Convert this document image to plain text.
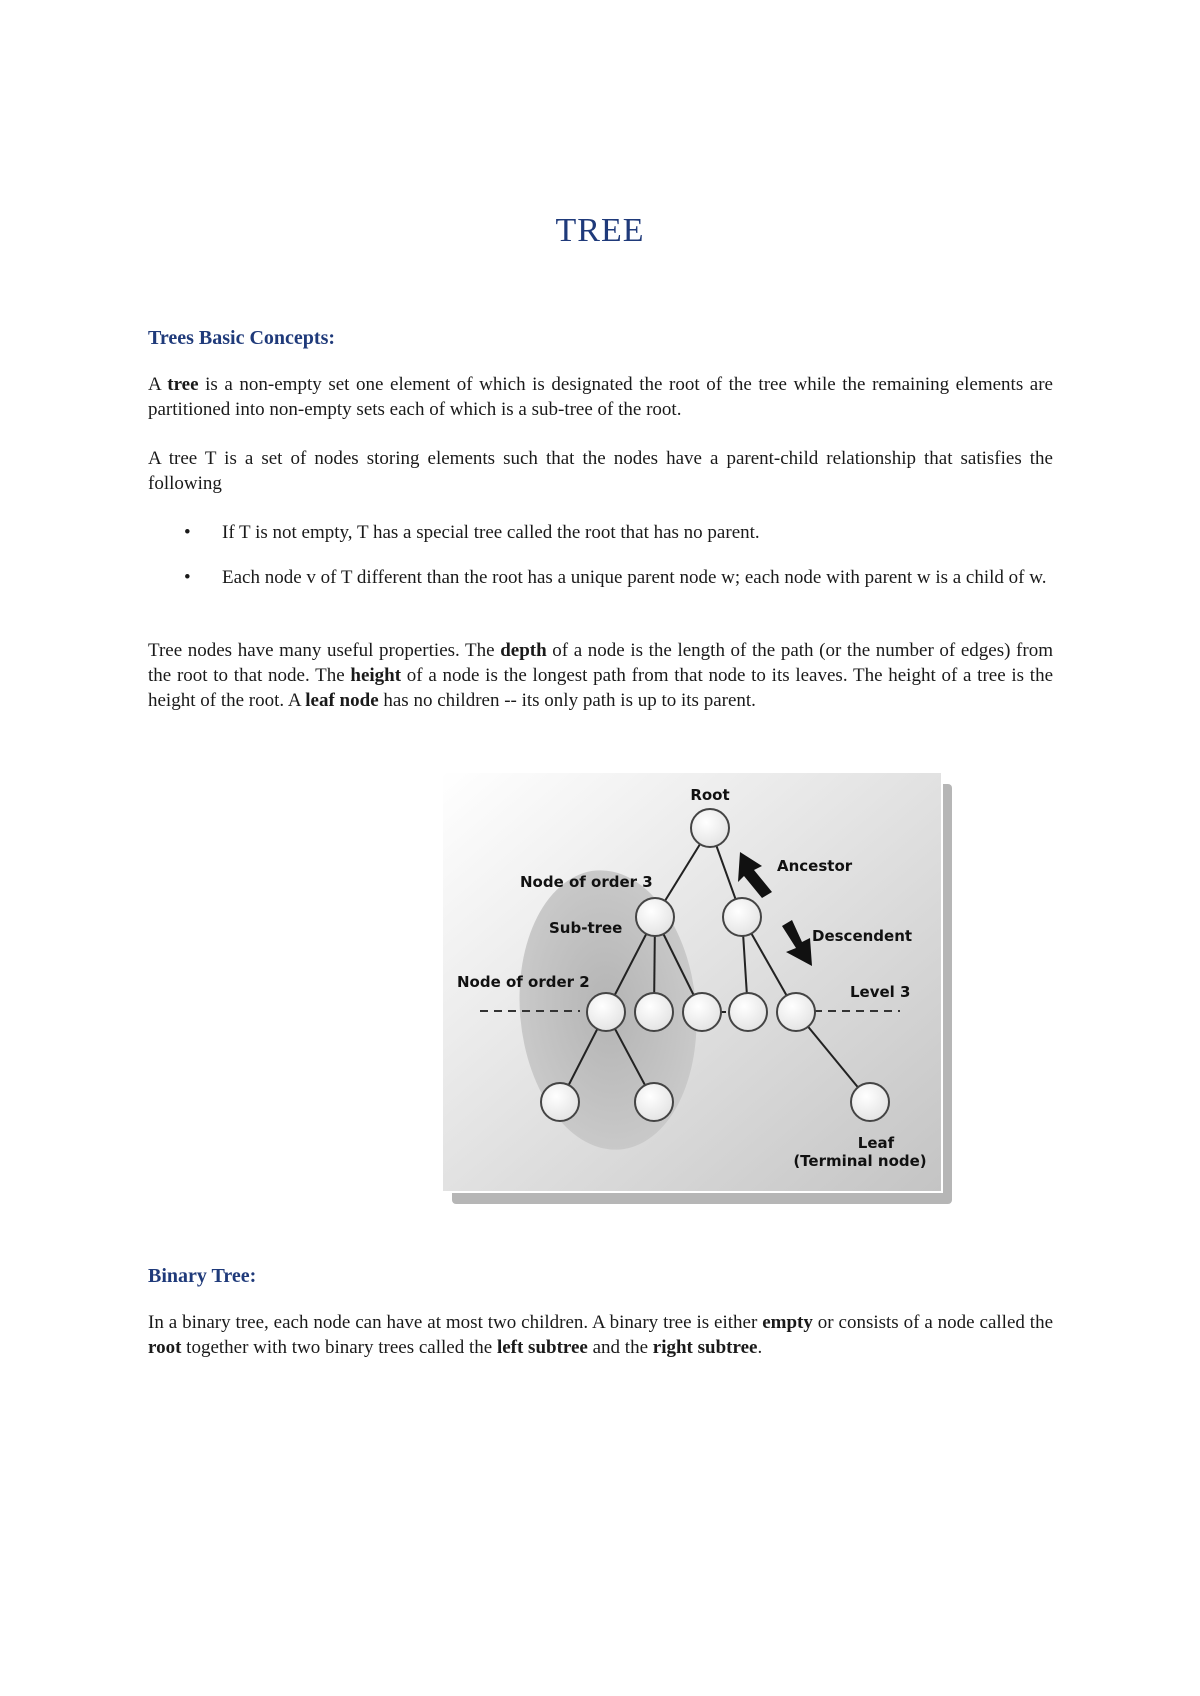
TREE
Trees Basic Concepts:

A tree is a non-empty set one element of which is designated the root of the tree while the remaining elements are partitioned into non-empty sets each of which is a sub-tree of the root.

A tree T is a set of nodes storing elements such that the nodes have a parent-child relationship that satisfies the following

• If T is not empty, T has a special tree called the root that has no parent.
• Each node v of T different than the root has a unique parent node w; each node with parent w is a child of w.

Tree nodes have many useful properties. The depth of a node is the length of the path (or the number of edges) from the root to that node. The height of a node is the longest path from that node to its leaves. The height of a tree is the height of the root. A leaf node has no children -- its only path is up to its parent.

Root
Ancestor
Node of order 3
Sub-tree	Descendent
Node of order 2
Level 3
Leaf
(Terminal node)
Binary Tree:

In a binary tree, each node can have at most two children. A binary tree is either empty or consists of a node called the root together with two binary trees called the left subtree and the right subtree.
